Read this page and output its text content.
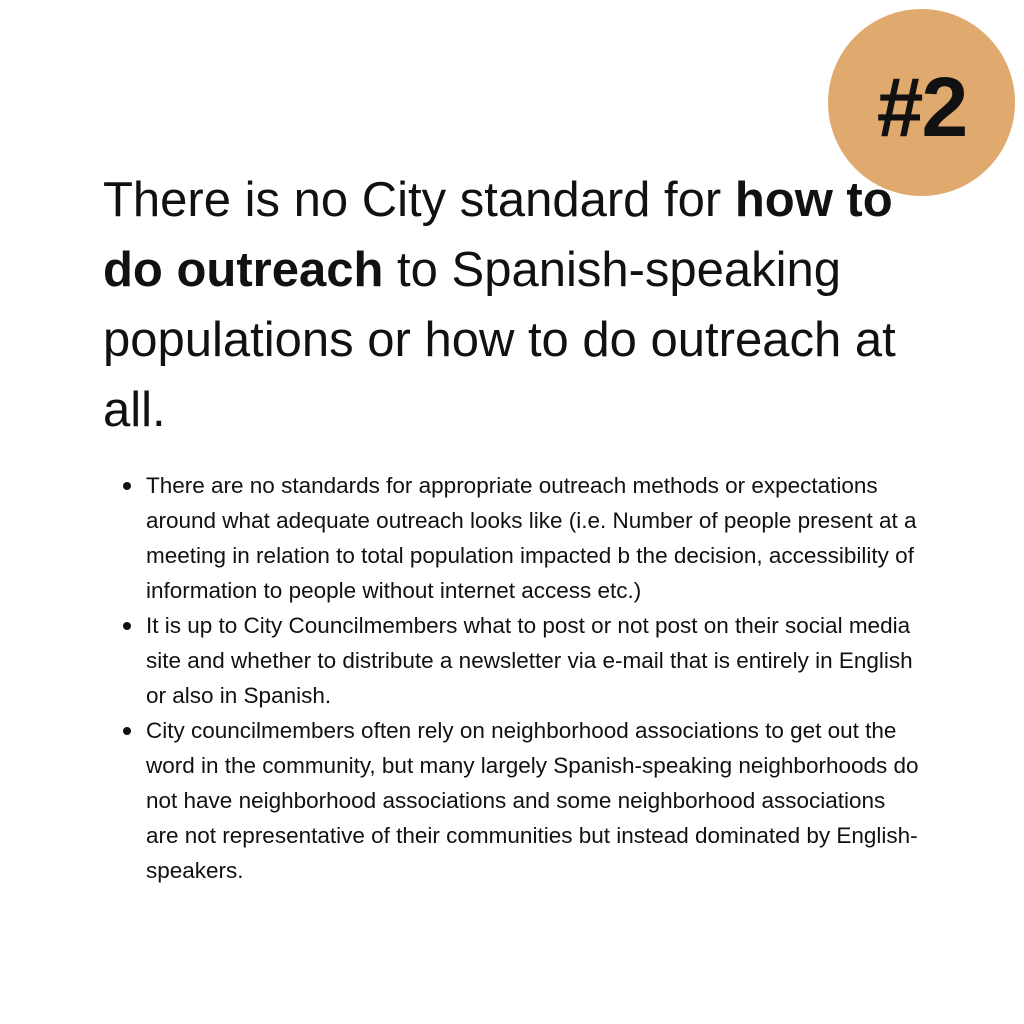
#2

There is no City standard for how to do outreach to Spanish-speaking populations or how to do outreach at all.

There are no standards for appropriate outreach methods or expectations around what adequate outreach looks like (i.e. Number of people present at a meeting in relation to total population impacted b the decision, accessibility of information to people without internet access etc.)
It is up to City Councilmembers what to post or not post on their social media site and whether to distribute a newsletter via e-mail that is entirely in English or also in Spanish.
City councilmembers often rely on neighborhood associations to get out the word in the community, but many largely Spanish-speaking neighborhoods do not have neighborhood associations and some neighborhood associations are not representative of their communities but instead dominated by English-speakers.
